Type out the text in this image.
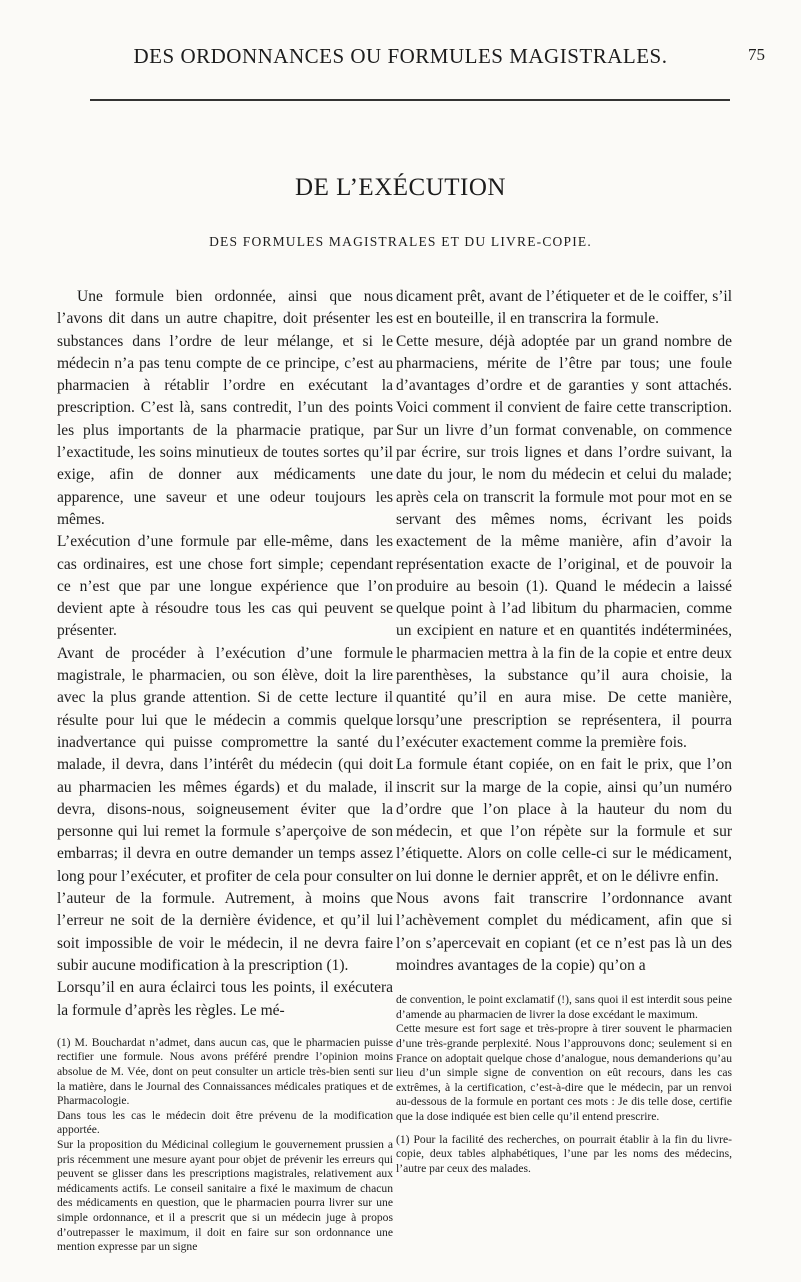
DES ORDONNANCES OU FORMULES MAGISTRALES.	75
DE L’EXÉCUTION
DES FORMULES MAGISTRALES ET DU LIVRE-COPIE.

Une formule bien ordonnée, ainsi que nous l’avons dit dans un autre chapitre, doit présenter les substances dans l’ordre de leur mélange, et si le médecin n’a pas tenu compte de ce principe, c’est au pharmacien à rétablir l’ordre en exécutant la prescription. C’est là, sans contredit, l’un des points les plus importants de la pharmacie pratique, par l’exactitude, les soins minutieux de toutes sortes qu’il exige, afin de donner aux médicaments une apparence, une saveur et une odeur toujours les mêmes.

L’exécution d’une formule par elle-même, dans les cas ordinaires, est une chose fort simple; cependant ce n’est que par une longue expérience que l’on devient apte à résoudre tous les cas qui peuvent se présenter.

Avant de procéder à l’exécution d’une formule magistrale, le pharmacien, ou son élève, doit la lire avec la plus grande attention. Si de cette lecture il résulte pour lui que le médecin a commis quelque inadvertance qui puisse compromettre la santé du malade, il devra, dans l’intérêt du médecin (qui doit au pharmacien les mêmes égards) et du malade, il devra, disons-nous, soigneusement éviter que la personne qui lui remet la formule s’aperçoive de son embarras; il devra en outre demander un temps assez long pour l’exécuter, et profiter de cela pour consulter l’auteur de la formule. Autrement, à moins que l’erreur ne soit de la dernière évidence, et qu’il lui soit impossible de voir le médecin, il ne devra faire subir aucune modification à la prescription (1).

Lorsqu’il en aura éclairci tous les points, il exécutera la formule d’après les règles. Le mé-

(1) M. Bouchardat n’admet, dans aucun cas, que le pharmacien puisse rectifier une formule. Nous avons préféré prendre l’opinion moins absolue de M. Vée, dont on peut consulter un article très-bien senti sur la matière, dans le Journal des Connaissances médicales pratiques et de Pharmacologie.

Dans tous les cas le médecin doit être prévenu de la modification apportée.

Sur la proposition du Médicinal collegium le gouvernement prussien a pris récemment une mesure ayant pour objet de prévenir les erreurs qui peuvent se glisser dans les prescriptions magistrales, relativement aux médicaments actifs. Le conseil sanitaire a fixé le maximum de chacun des médicaments en question, que le pharmacien pourra livrer sur une simple ordonnance, et il a prescrit que si un médecin juge à propos d’outrepasser le maximum, il doit en faire sur son ordonnance une mention expresse par un signe

dicament prêt, avant de l’étiqueter et de le coiffer, s’il est en bouteille, il en transcrira la formule.

Cette mesure, déjà adoptée par un grand nombre de pharmaciens, mérite de l’être par tous; une foule d’avantages d’ordre et de garanties y sont attachés. Voici comment il convient de faire cette transcription. Sur un livre d’un format convenable, on commence par écrire, sur trois lignes et dans l’ordre suivant, la date du jour, le nom du médecin et celui du malade; après cela on transcrit la formule mot pour mot en se servant des mêmes noms, écrivant les poids exactement de la même manière, afin d’avoir la représentation exacte de l’original, et de pouvoir la produire au besoin (1). Quand le médecin a laissé quelque point à l’ad libitum du pharmacien, comme un excipient en nature et en quantités indéterminées, le pharmacien mettra à la fin de la copie et entre deux parenthèses, la substance qu’il aura choisie, la quantité qu’il en aura mise. De cette manière, lorsqu’une prescription se représentera, il pourra l’exécuter exactement comme la première fois.

La formule étant copiée, on en fait le prix, que l’on inscrit sur la marge de la copie, ainsi qu’un numéro d’ordre que l’on place à la hauteur du nom du médecin, et que l’on répète sur la formule et sur l’étiquette. Alors on colle celle-ci sur le médicament, on lui donne le dernier apprêt, et on le délivre enfin.

Nous avons fait transcrire l’ordonnance avant l’achèvement complet du médicament, afin que si l’on s’apercevait en copiant (et ce n’est pas là un des moindres avantages de la copie) qu’on a

de convention, le point exclamatif (!), sans quoi il est interdit sous peine d’amende au pharmacien de livrer la dose excédant le maximum.

Cette mesure est fort sage et très-propre à tirer souvent le pharmacien d’une très-grande perplexité. Nous l’approuvons donc; seulement si en France on adoptait quelque chose d’analogue, nous demanderions qu’au lieu d’un simple signe de convention on eût recours, dans les cas extrêmes, à la certification, c’est-à-dire que le médecin, par un renvoi au-dessous de la formule en portant ces mots : Je dis telle dose, certifie que la dose indiquée est bien celle qu’il entend prescrire.

(1) Pour la facilité des recherches, on pourrait établir à la fin du livre-copie, deux tables alphabétiques, l’une par les noms des médecins, l’autre par ceux des malades.
